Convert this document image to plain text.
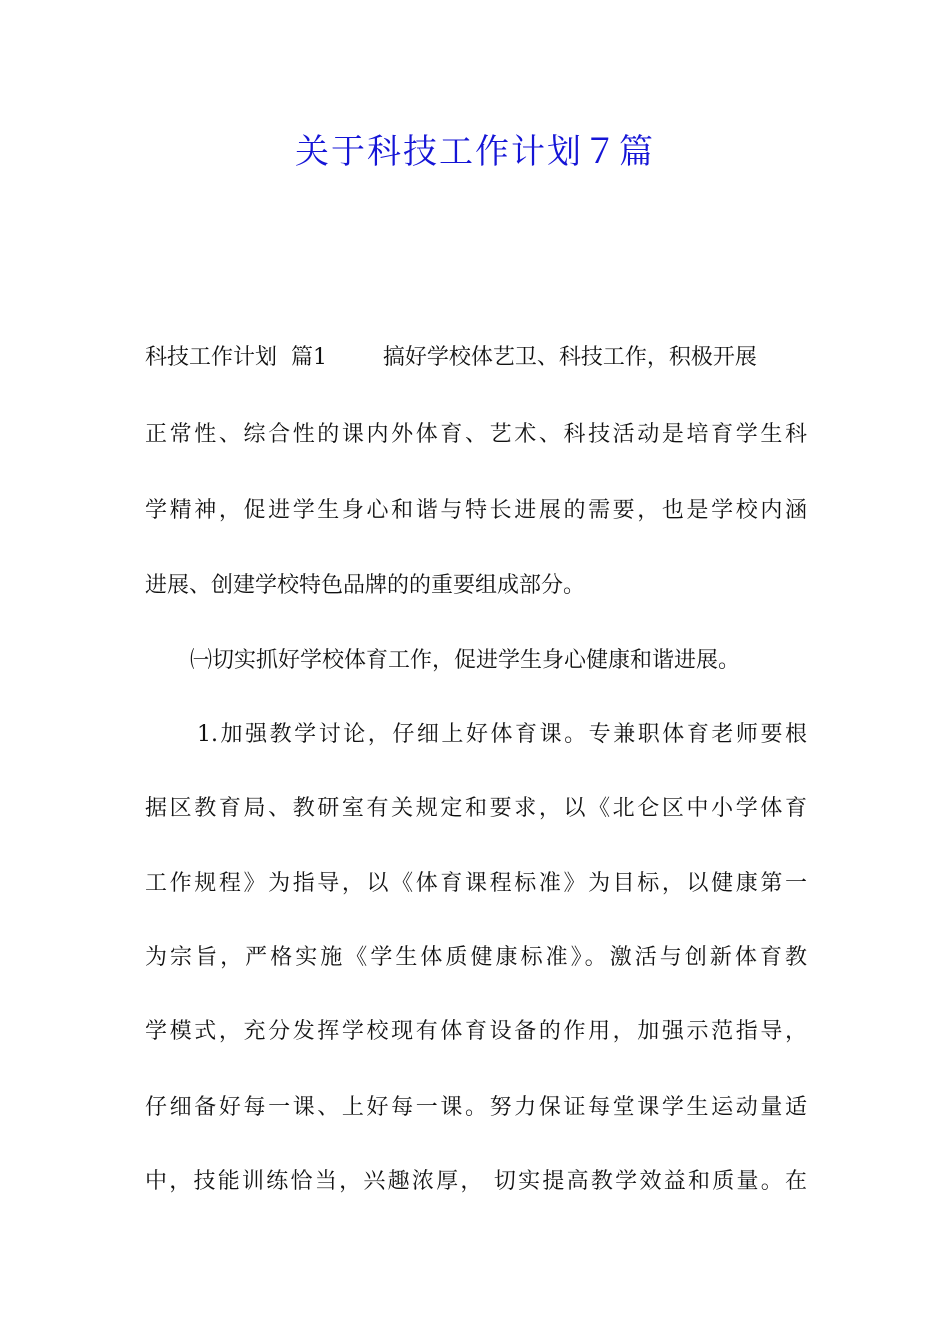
关于科技工作计划７篇
科技工作计划  篇1        搞好学校体艺卫、科技工作，积极开展
正常性、综合性的课内外体育、艺术、科技活动是培育学生科
学精神，促进学生身心和谐与特长进展的需要，也是学校内涵
进展、创建学校特色品牌的的重要组成部分。
㈠切实抓好学校体育工作，促进学生身心健康和谐进展。
1.加强教学讨论，仔细上好体育课。专兼职体育老师要根
据区教育局、教研室有关规定和要求，以《北仑区中小学体育
工作规程》为指导，以《体育课程标准》为目标，以健康第一
为宗旨，严格实施《学生体质健康标准》。激活与创新体育教
学模式，充分发挥学校现有体育设备的作用，加强示范指导，
仔细备好每一课、上好每一课。努力保证每堂课学生运动量适
中，技能训练恰当，兴趣浓厚， 切实提高教学效益和质量。在
